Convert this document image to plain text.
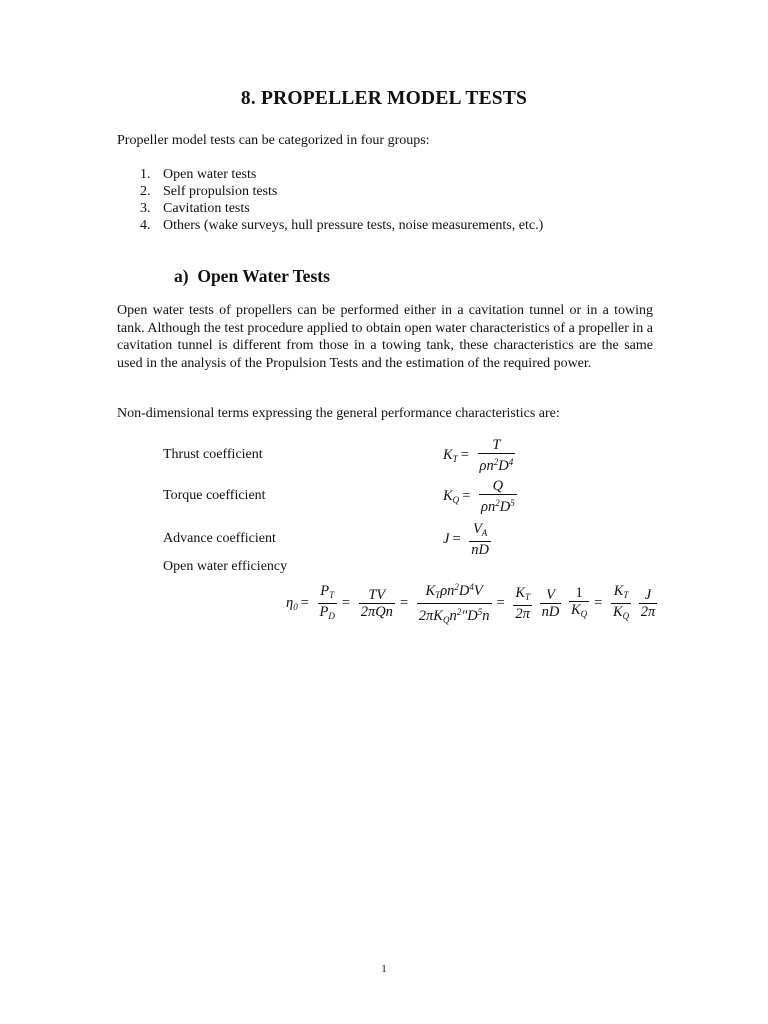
8. PROPELLER MODEL TESTS
Propeller model tests can be categorized in four groups:
1. Open water tests
2. Self propulsion tests
3. Cavitation tests
4. Others (wake surveys, hull pressure tests, noise measurements, etc.)
a) Open Water Tests
Open water tests of propellers can be performed either in a cavitation tunnel or in a towing tank. Although the test procedure applied to obtain open water characteristics of a propeller in a cavitation tunnel is different from those in a towing tank, these characteristics are the same used in the analysis of the Propulsion Tests and the estimation of the required power.
Non-dimensional terms expressing the general performance characteristics are:
Thrust coefficient	$K_T = \frac{T}{\rho n^2D^4}$
Torque coefficient	$K_Q = \frac{Q}{\rho n^2D^5}$
Advance coefficient	$J = \frac{V_A}{nD}$
Open water efficiency
$\eta_0 = \frac{P_T}{P_D} = \frac{TV}{\text{2πQn}} = \frac{K_T\rho n^2D^4V}{2\pi K_Qn^2"D^5n} = \frac{K_T}{2\pi}$
$\frac{V}{nD}$
$\frac{1}{K_Q} = \frac{K_T}{K_Q}$
$\frac{J}{2\pi}$
1
